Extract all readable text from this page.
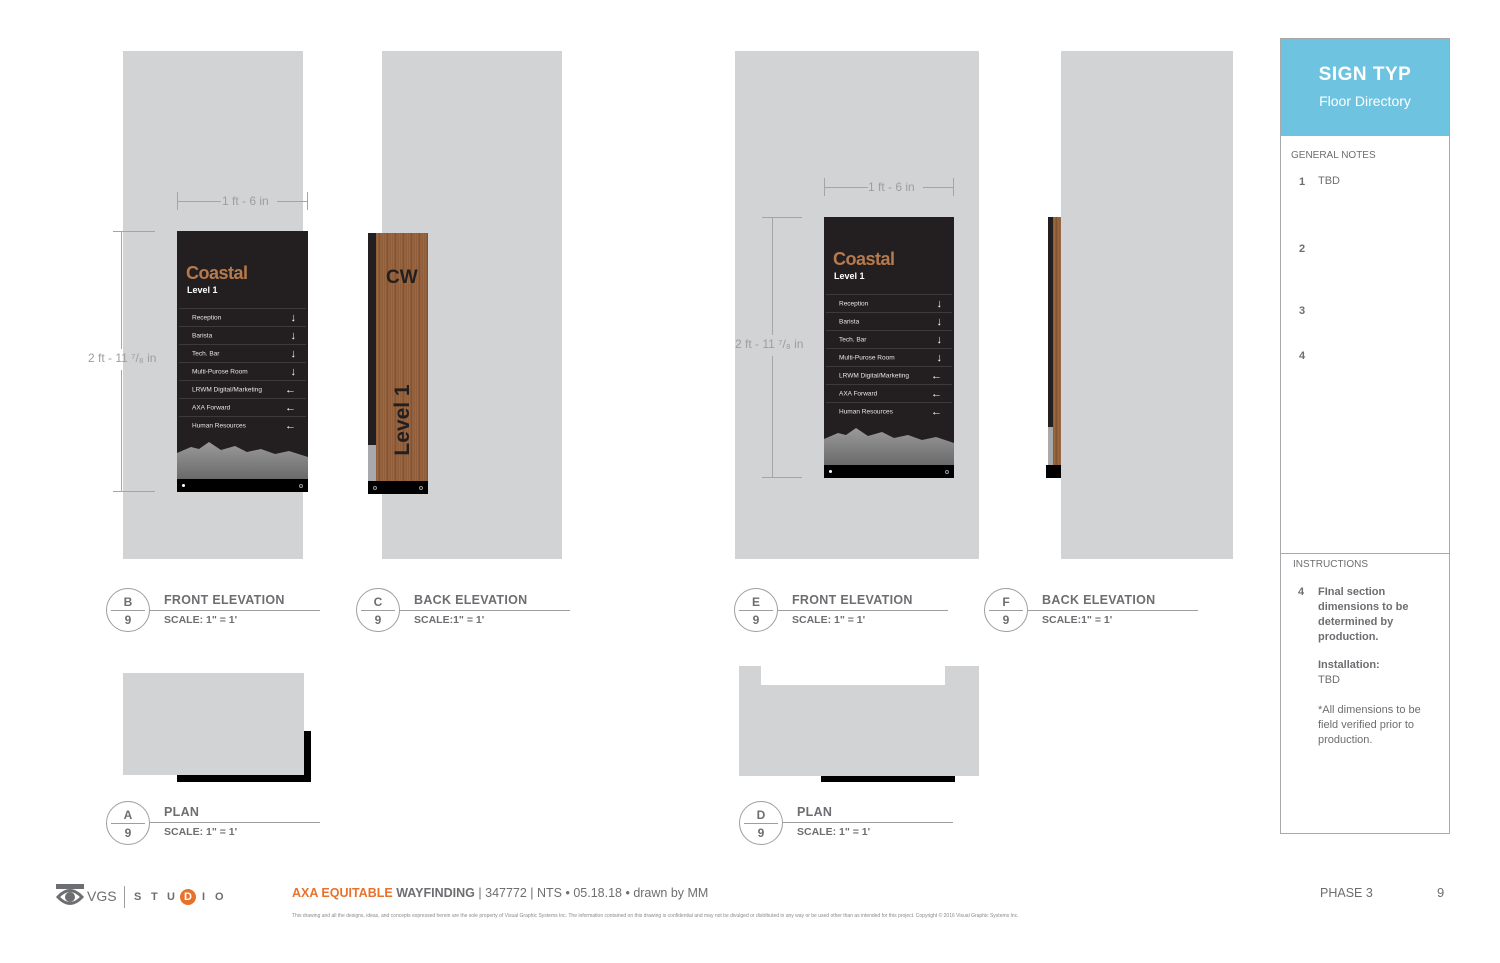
1 ft - 6 in
2 ft - 11 ⁷/₈ in
Coastal
Level 1
Reception	↓
Barista	↓
Tech. Bar	↓
Multi-Purose Room	↓
LRWM Digital/Marketing ←
AXA Forward	←
Human Resources	←
CW
Level 1
B
9
FRONT ELEVATION
SCALE: 1" = 1'
C
9
BACK ELEVATION
SCALE:1" = 1'
A
9
PLAN
SCALE: 1" = 1'
1 ft - 6 in
2 ft - 11 ⁷/₈ in
Coastal
Level 1
Reception	↓
Barista	↓
Tech. Bar	↓
Multi-Purose Room	↓
LRWM Digital/Marketing ←
AXA Forward	←
Human Resources	←
E
9
FRONT ELEVATION
SCALE: 1" = 1'
F
9
BACK ELEVATION
SCALE:1" = 1'
D
9
PLAN
SCALE: 1" = 1'
SIGN TYP
Floor Directory
GENERAL NOTES
1 TBD
2
3
4
INSTRUCTIONS
4 FInal section dimensions to be determined by production.
Installation:
TBD
*All dimensions to be field verified prior to production.
VGS S T U D I O	AXA EQUITABLE WAYFINDING | 347772 | NTS • 05.18.18 • drawn by MM	PHASE 3	9
This drawing and all the designs, ideas, and concepts expressed herein are the sole property of Visual Graphic Systems Inc. The information contained on this drawing is confidential and may not be divulged or distributed in any way or be used other than as intended for this project. Copyright © 2016 Visual Graphic Systems Inc.
